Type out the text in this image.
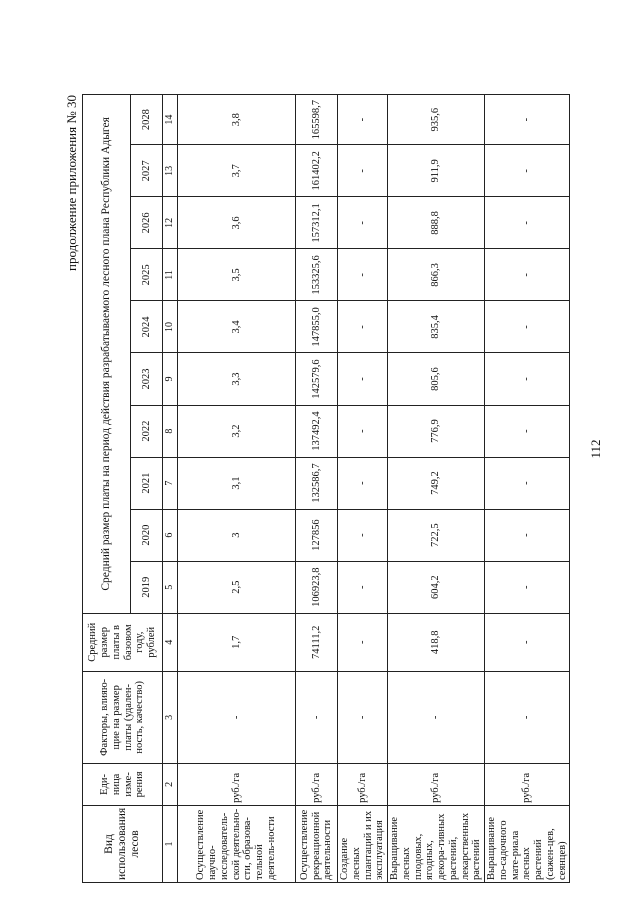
продолжение приложения № 30
Вид использования лесов	Еди-ница изме-рения	Факторы, влияю-щие на размер платы (удален-ность, качество)	Средний размер платы в базовом году, рублей	Средний размер платы на период действия разрабатываемого лесного плана Республики Адыгея									
				2019	2020	2021	2022	2023	2024	2025	2026	2027	2028
1	2	3	4	5	6	7	8	9	10	11	12	13	14
Осуществление научно-исследователь-ской деятельно-сти, образова-тельной деятель-ности	руб./га	-	1,7	2,5	3	3,1	3,2	3,3	3,4	3,5	3,6	3,7	3,8
Осуществление рекреационной деятельности	руб./га	-	74111,2	106923,8	127856	132586,7	137492,4	142579,6	147855,0	153325,6	157312,1	161402,2	165598,7
Создание лесных плантаций и их эксплуатация	руб./га	-	-	-	-	-	-	-	-	-	-	-	-
Выращивание лесных плодовых, ягодных, декора-тивных растений, лекарственных растений	руб./га	-	418,8	604,2	722,5	749,2	776,9	805,6	835,4	866,3	888,8	911,9	935,6
Выращивание по-садочного мате-риала лесных растений (сажен-цев, сеянцев)	руб./га	-	-	-	-	-	-	-	-	-	-	-	-
112
